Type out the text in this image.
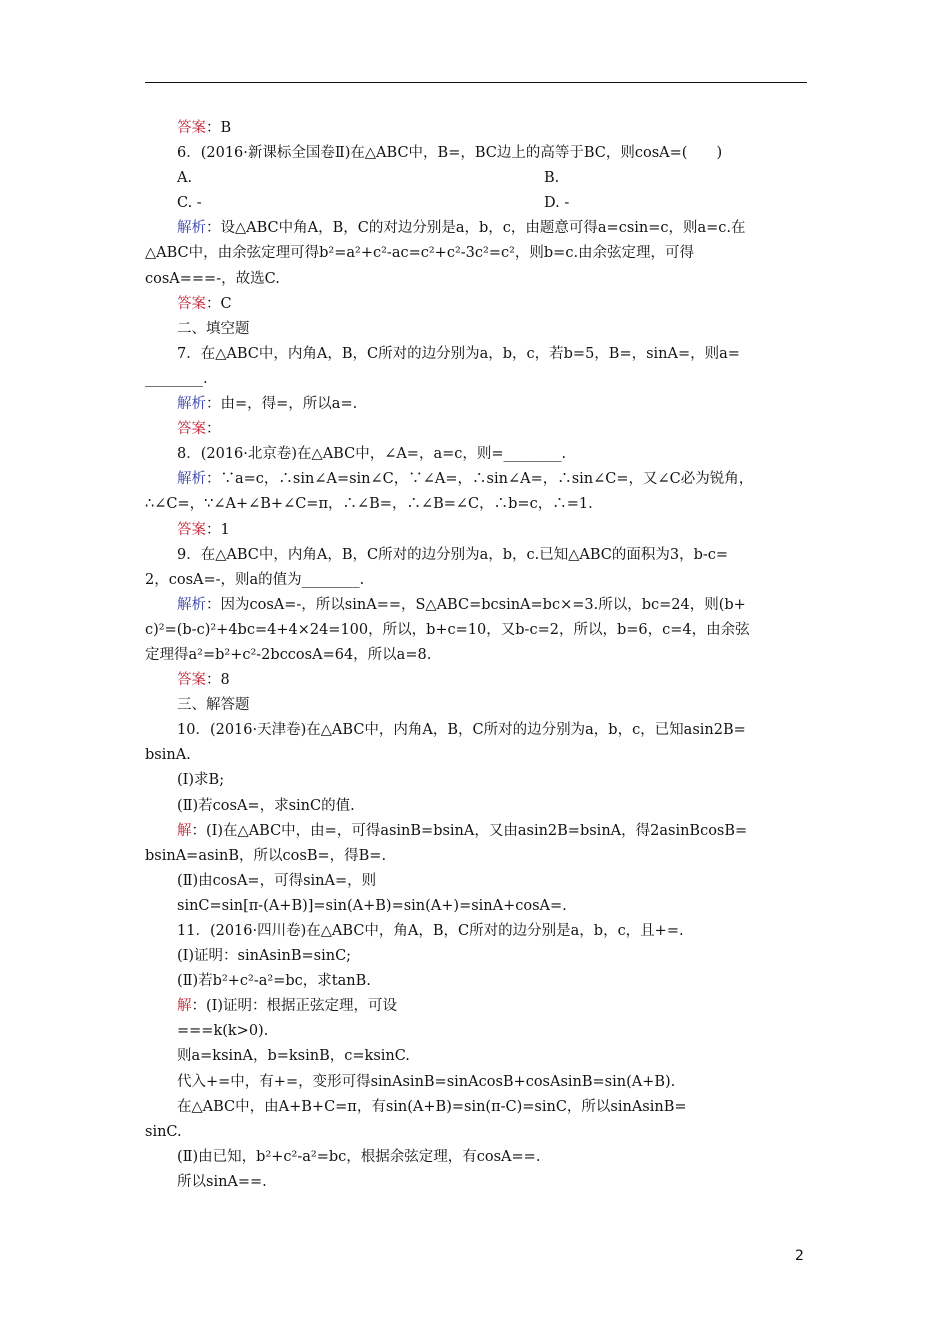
答案：B
6．(2016·新课标全国卷Ⅱ)在△ABC中，B=，BC边上的高等于BC，则cosA=(　　)
A.	B.
C. -	D. -
解析：设△ABC中角A，B，C的对边分别是a，b，c，由题意可得a=csin=c，则a=c.在
△ABC中，由余弦定理可得b²=a²+c²-ac=c²+c²-3c²=c²，则b=c.由余弦定理，可得
cosA===-，故选C.
答案：C
二、填空题
7．在△ABC中，内角A，B，C所对的边分别为a，b，c，若b=5，B=，sinA=，则a=
________.
解析：由=，得=，所以a=.
答案：
8．(2016·北京卷)在△ABC中，∠A=，a=c，则=________.
解析：∵a=c，∴sin∠A=sin∠C，∵∠A=，∴sin∠A=，∴sin∠C=，又∠C必为锐角，
∴∠C=，∵∠A+∠B+∠C=π，∴∠B=，∴∠B=∠C，∴b=c，∴=1.
答案：1
9．在△ABC中，内角A，B，C所对的边分别为a，b，c.已知△ABC的面积为3，b-c=
2，cosA=-，则a的值为________.
解析：因为cosA=-，所以sinA==，S△ABC=bcsinA=bc×=3.所以，bc=24，则(b+
c)²=(b-c)²+4bc=4+4×24=100，所以，b+c=10，又b-c=2，所以，b=6，c=4，由余弦
定理得a²=b²+c²-2bccosA=64，所以a=8.
答案：8
三、解答题
10．(2016·天津卷)在△ABC中，内角A，B，C所对的边分别为a，b，c，已知asin2B=
bsinA.
(Ⅰ)求B;
(Ⅱ)若cosA=，求sinC的值.
解：(Ⅰ)在△ABC中，由=，可得asinB=bsinA，又由asin2B=bsinA，得2asinBcosB=
bsinA=asinB，所以cosB=，得B=.
(Ⅱ)由cosA=，可得sinA=，则
sinC=sin[π-(A+B)]=sin(A+B)=sin(A+)=sinA+cosA=.
11．(2016·四川卷)在△ABC中，角A，B，C所对的边分别是a，b，c，且+=.
(Ⅰ)证明：sinAsinB=sinC;
(Ⅱ)若b²+c²-a²=bc，求tanB.
解：(Ⅰ)证明：根据正弦定理，可设
===k(k>0).
则a=ksinA，b=ksinB，c=ksinC.
代入+=中，有+=，变形可得sinAsinB=sinAcosB+cosAsinB=sin(A+B).
在△ABC中，由A+B+C=π，有sin(A+B)=sin(π-C)=sinC，所以sinAsinB=
sinC.
(Ⅱ)由已知，b²+c²-a²=bc，根据余弦定理，有cosA==.
所以sinA==.
2
